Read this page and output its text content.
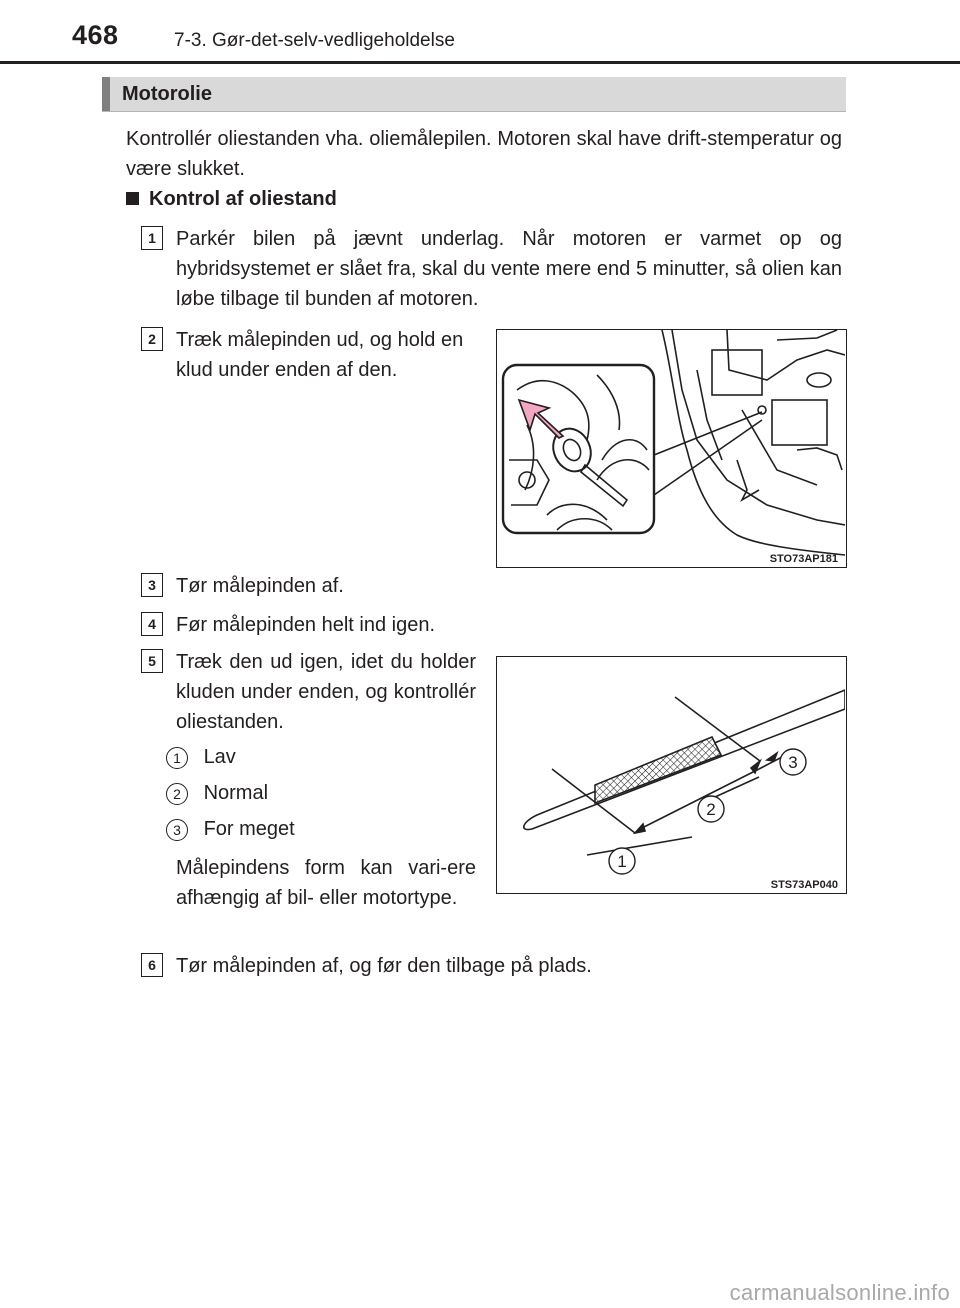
468	7-3. Gør-det-selv-vedligeholdelse
Motorolie
Kontrollér oliestanden vha. oliemålepilen. Motoren skal have drift-stemperatur og være slukket.
Kontrol af oliestand
1	Parkér bilen på jævnt underlag. Når motoren er varmet op og hybridsystemet er slået fra, skal du vente mere end 5 minutter, så olien kan løbe tilbage til bunden af motoren.
2	Træk målepinden ud, og hold en klud under enden af den.
STO73AP181
3	Tør målepinden af.
4	Før målepinden helt ind igen.
5	Træk den ud igen, idet du holder kluden under enden, og kontrollér oliestanden.
1 Lav
2 Normal
3 For meget
Målepindens form kan vari-ere afhængig af bil- eller motortype.
1
2
3
STS73AP040
6	Tør målepinden af, og før den tilbage på plads.
carmanualsonline.info
